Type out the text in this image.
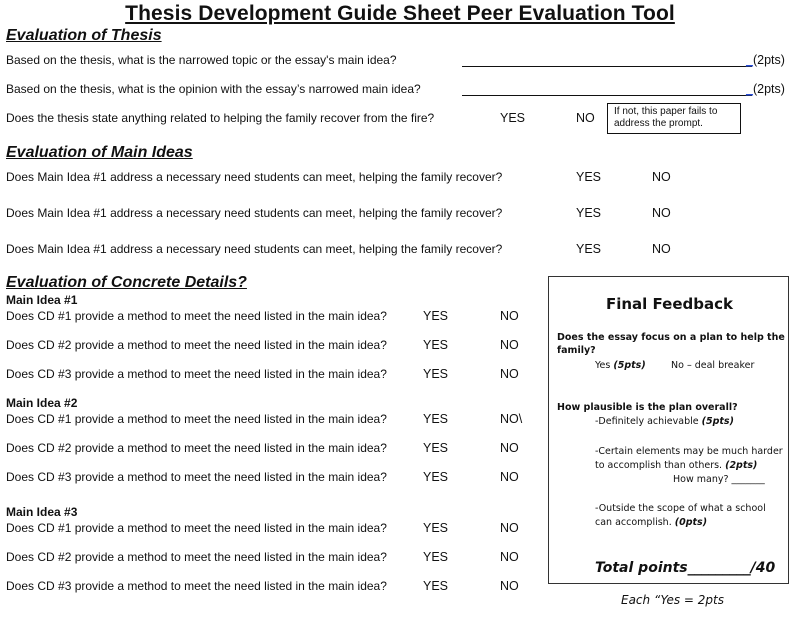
Thesis Development Guide Sheet Peer Evaluation Tool
Evaluation of Thesis
Based on the thesis, what is the narrowed topic or the essay's main idea?	_(2pts)
Based on the thesis, what is the opinion with the essay’s narrowed main idea?	_(2pts)
Does the thesis state anything related to helping the family recover from the fire?	YES	NO If not, this paper fails to
address the prompt.
Evaluation of Main Ideas
Does Main Idea #1 address a necessary need students can meet, helping the family recover?	YES	NO
Does Main Idea #1 address a necessary need students can meet, helping the family recover?	YES	NO
Does Main Idea #1 address a necessary need students can meet, helping the family recover?	YES	NO
Evaluation of Concrete Details?
Main Idea #1
Does CD #1 provide a method to meet the need listed in the main idea?	YES	NO
Does CD #2 provide a method to meet the need listed in the main idea?	YES	NO
Does CD #3 provide a method to meet the need listed in the main idea?	YES	NO
Main Idea #2
Does CD #1 provide a method to meet the need listed in the main idea?	YES	NO\
Does CD #2 provide a method to meet the need listed in the main idea?	YES	NO
Does CD #3 provide a method to meet the need listed in the main idea?	YES	NO
Main Idea #3
Does CD #1 provide a method to meet the need listed in the main idea?	YES	NO
Does CD #2 provide a method to meet the need listed in the main idea?	YES	NO
Does CD #3 provide a method to meet the need listed in the main idea?	YES	NO
Final Feedback
Does the essay focus on a plan to help the
family?
Yes (5pts)	No – deal breaker
How plausible is the plan overall?
-Definitely achievable (5pts)
-Certain elements may be much harder
to accomplish than others. (2pts)
How many? _______
-Outside the scope of what a school
can accomplish. (0pts)
Total points_________/40
Each “Yes = 2pts
